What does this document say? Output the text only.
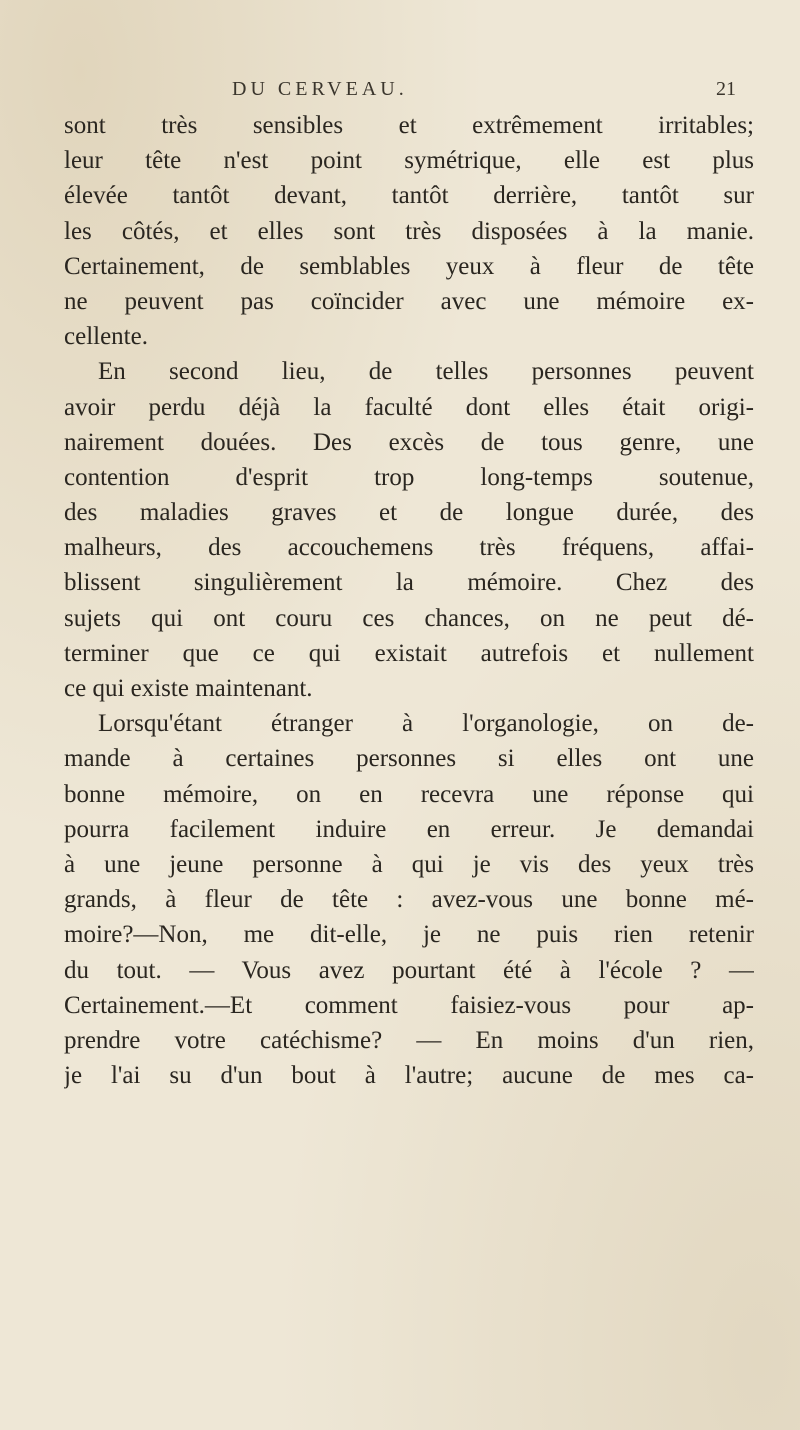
DU CERVEAU.	21
sont très sensibles et extrêmement irritables;
leur tête n'est point symétrique, elle est plus
élevée tantôt devant, tantôt derrière, tantôt sur
les côtés, et elles sont très disposées à la manie.
Certainement, de semblables yeux à fleur de tête
ne peuvent pas coïncider avec une mémoire ex-
cellente.
En second lieu, de telles personnes peuvent
avoir perdu déjà la faculté dont elles était origi-
nairement douées. Des excès de tous genre, une
contention d'esprit trop long-temps soutenue,
des maladies graves et de longue durée, des
malheurs, des accouchemens très fréquens, affai-
blissent singulièrement la mémoire. Chez des
sujets qui ont couru ces chances, on ne peut dé-
terminer que ce qui existait autrefois et nullement
ce qui existe maintenant.
Lorsqu'étant étranger à l'organologie, on de-
mande à certaines personnes si elles ont une
bonne mémoire, on en recevra une réponse qui
pourra facilement induire en erreur. Je demandai
à une jeune personne à qui je vis des yeux très
grands, à fleur de tête : avez-vous une bonne mé-
moire?—Non, me dit-elle, je ne puis rien retenir
du tout. — Vous avez pourtant été à l'école ? —
Certainement.—Et comment faisiez-vous pour ap-
prendre votre catéchisme? — En moins d'un rien,
je l'ai su d'un bout à l'autre; aucune de mes ca-
